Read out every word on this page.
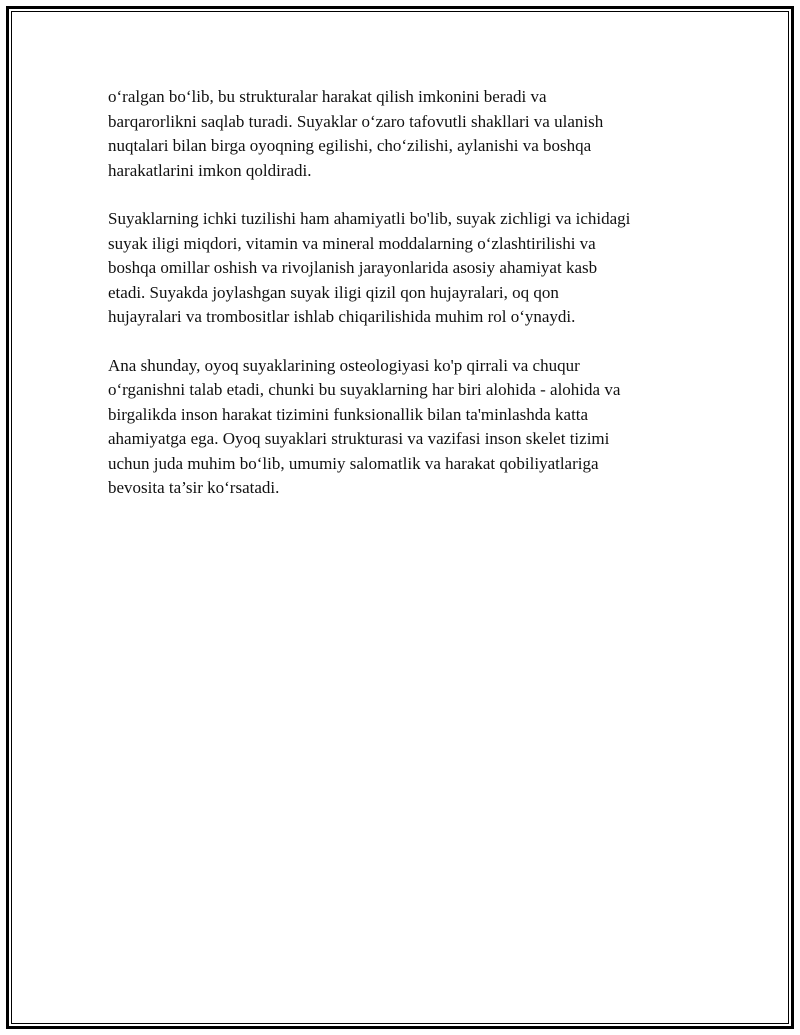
o‘ralgan bo‘lib, bu strukturalar harakat qilish imkonini beradi va
barqarorlikni saqlab turadi. Suyaklar o‘zaro tafovutli shakllari va ulanish
nuqtalari bilan birga oyoqning egilishi, cho‘zilishi, aylanishi va boshqa
harakatlarini imkon qoldiradi.

Suyaklarning ichki tuzilishi ham ahamiyatli bo'lib, suyak zichligi va ichidagi
suyak iligi miqdori, vitamin va mineral moddalarning o‘zlashtirilishi va
boshqa omillar oshish va rivojlanish jarayonlarida asosiy ahamiyat kasb
etadi. Suyakda joylashgan suyak iligi qizil qon hujayralari, oq qon
hujayralari va trombositlar ishlab chiqarilishida muhim rol o‘ynaydi.

Ana shunday, oyoq suyaklarining osteologiyasi ko'p qirrali va chuqur
o‘rganishni talab etadi, chunki bu suyaklarning har biri alohida - alohida va
birgalikda inson harakat tizimini funksionallik bilan ta'minlashda katta
ahamiyatga ega. Oyoq suyaklari strukturasi va vazifasi inson skelet tizimi
uchun juda muhim bo‘lib, umumiy salomatlik va harakat qobiliyatlariga
bevosita ta’sir ko‘rsatadi.
